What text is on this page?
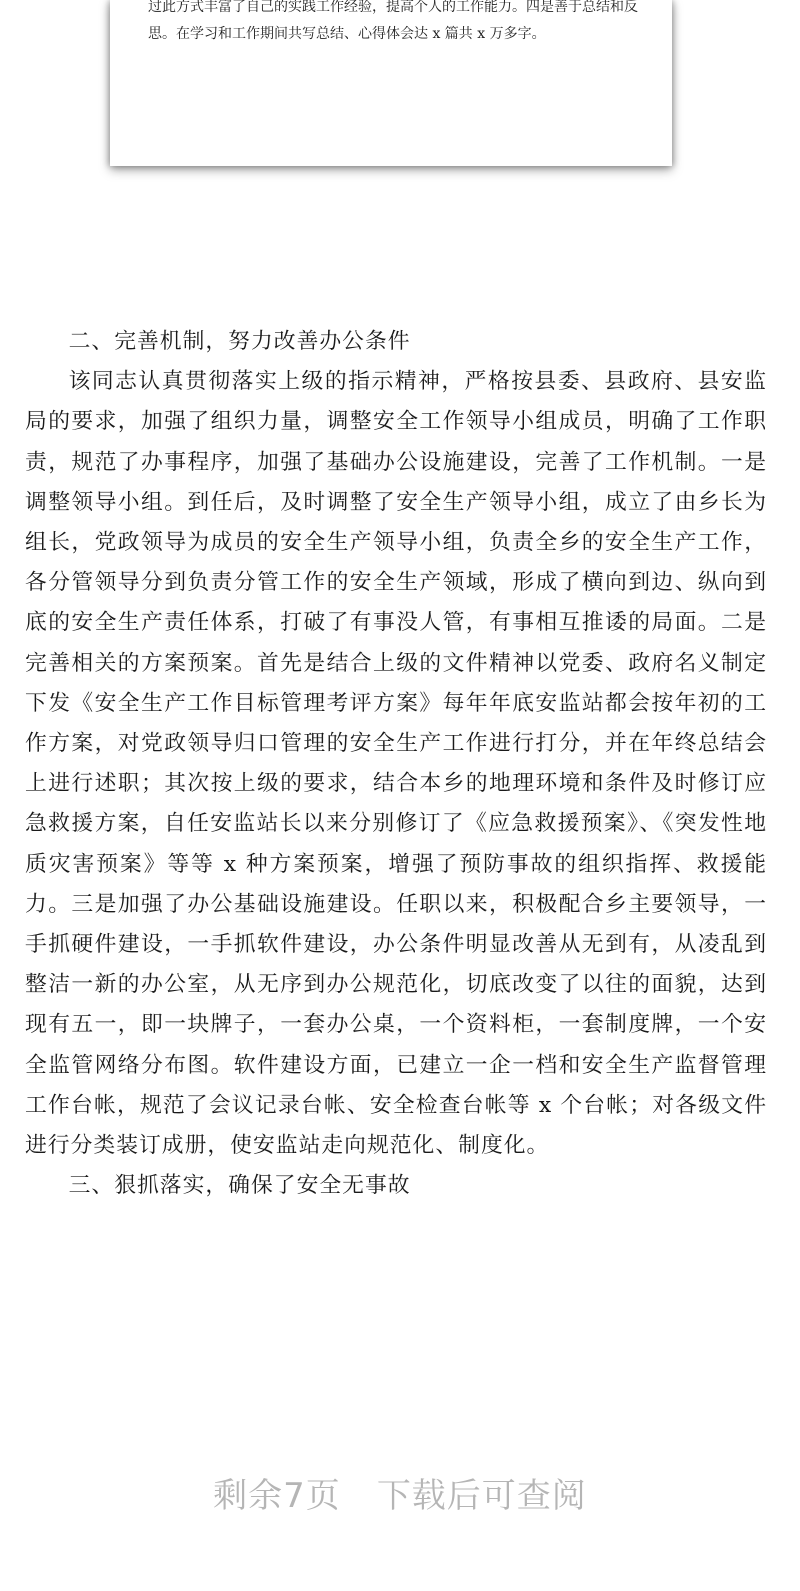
过此方式丰富了自己的实践工作经验，提高个人的工作能力。四是善于总结和反思。在学习和工作期间共写总结、心得体会达 x 篇共 x 万多字。

二、完善机制，努力改善办公条件

该同志认真贯彻落实上级的指示精神，严格按县委、县政府、县安监局的要求，加强了组织力量，调整安全工作领导小组成员，明确了工作职责，规范了办事程序，加强了基础办公设施建设，完善了工作机制。一是调整领导小组。到任后，及时调整了安全生产领导小组，成立了由乡长为组长，党政领导为成员的安全生产领导小组，负责全乡的安全生产工作，各分管领导分到负责分管工作的安全生产领域，形成了横向到边、纵向到底的安全生产责任体系，打破了有事没人管，有事相互推诿的局面。二是完善相关的方案预案。首先是结合上级的文件精神以党委、政府名义制定下发《安全生产工作目标管理考评方案》每年年底安监站都会按年初的工作方案，对党政领导归口管理的安全生产工作进行打分，并在年终总结会上进行述职；其次按上级的要求，结合本乡的地理环境和条件及时修订应急救援方案，自任安监站长以来分别修订了《应急救援预案》、《突发性地质灾害预案》等等 x 种方案预案，增强了预防事故的组织指挥、救援能力。三是加强了办公基础设施建设。任职以来，积极配合乡主要领导，一手抓硬件建设，一手抓软件建设，办公条件明显改善从无到有，从凌乱到整洁一新的办公室，从无序到办公规范化，切底改变了以往的面貌，达到现有五一，即一块牌子，一套办公桌，一个资料柜，一套制度牌，一个安全监管网络分布图。软件建设方面，已建立一企一档和安全生产监督管理工作台帐，规范了会议记录台帐、安全检查台帐等 x 个台帐；对各级文件进行分类装订成册，使安监站走向规范化、制度化。

三、狠抓落实，确保了安全无事故

剩余7页 下载后可查阅
